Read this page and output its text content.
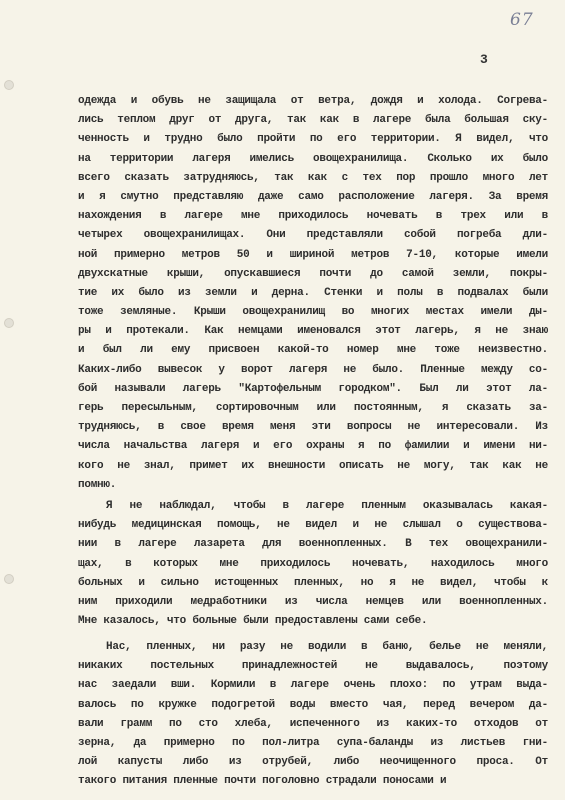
67
3
одежда и обувь не защищала от ветра, дождя и холода. Согрева-
лись теплом друг от друга, так как в лагере была большая ску-
ченность и трудно было пройти по его территории. Я видел, что
на территории лагеря имелись овощехранилища. Сколько их было
всего сказать затрудняюсь, так как с тех пор прошло много лет
и я смутно представляю даже само расположение лагеря. За время
нахождения в лагере мне приходилось ночевать в трех или в
четырех овощехранилищах. Они представляли собой погреба дли-
ной примерно метров 50 и шириной метров 7-10, которые имели
двухскатные крыши, опускавшиеся почти до самой земли, покры-
тие их было из земли и дерна. Стенки и полы в подвалах были
тоже земляные. Крыши овощехранилищ во многих местах имели ды-
ры и протекали. Как немцами именовался этот лагерь, я не знаю
и был ли ему присвоен какой-то номер мне тоже неизвестно.
Каких-либо вывесок у ворот лагеря не было. Пленные между со-
бой называли лагерь "Картофельным городком". Был ли этот ла-
герь пересыльным, сортировочным или постоянным, я сказать за-
трудняюсь, в свое время меня эти вопросы не интересовали. Из
числа начальства лагеря и его охраны я по фамилии и имени ни-
кого не знал, примет их внешности описать не могу, так как не
помню.
Я не наблюдал, чтобы в лагере пленным оказывалась какая-
нибудь медицинская помощь, не видел и не слышал о существова-
нии в лагере лазарета для военнопленных. В тех овощехранили-
щах, в которых мне приходилось ночевать, находилось много
больных и сильно истощенных пленных, но я не видел, чтобы к
ним приходили медработники из числа немцев или военнопленных.
Мне казалось, что больные были предоставлены сами себе.
Нас, пленных, ни разу не водили в баню, белье не меняли,
никаких постельных принадлежностей не выдавалось, поэтому
нас заедали вши. Кормили в лагере очень плохо: по утрам выда-
валось по кружке подогретой воды вместо чая, перед вечером да-
вали грамм по сто хлеба, испеченного из каких-то отходов от
зерна, да примерно по пол-литра супа-баланды из листьев гни-
лой капусты либо из отрубей, либо неочищенного проса. От
такого питания пленные почти поголовно страдали поносами и
